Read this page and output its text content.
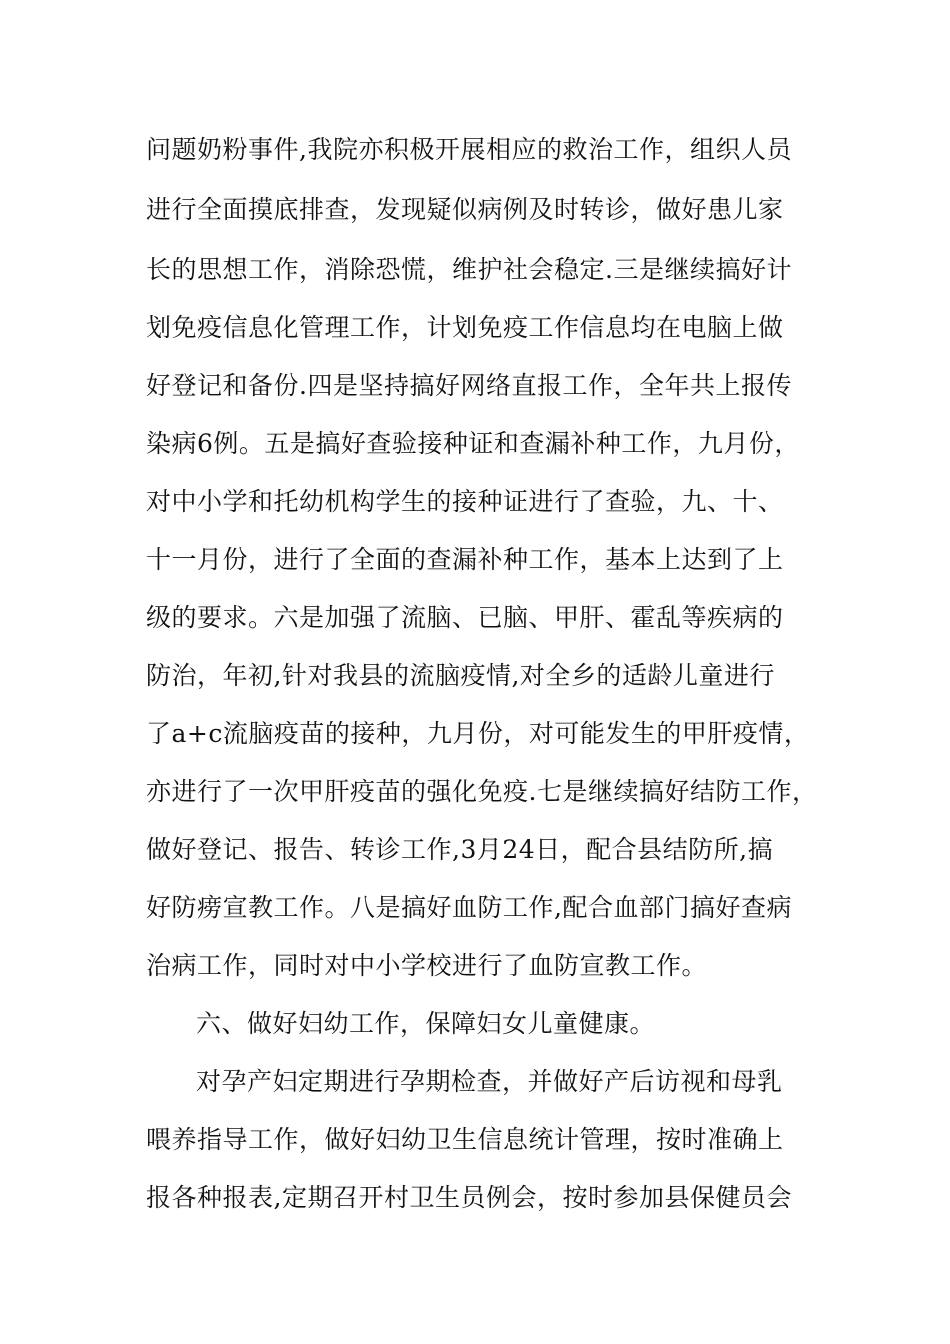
问题奶粉事件,我院亦积极开展相应的救治工作，组织人员
进行全面摸底排查，发现疑似病例及时转诊，做好患儿家
长的思想工作，消除恐慌，维护社会稳定.三是继续搞好计
划免疫信息化管理工作，计划免疫工作信息均在电脑上做
好登记和备份.四是坚持搞好网络直报工作，全年共上报传
染病6例。五是搞好查验接种证和查漏补种工作，九月份，
对中小学和托幼机构学生的接种证进行了查验，九、十、
十一月份，进行了全面的查漏补种工作，基本上达到了上
级的要求。六是加强了流脑、已脑、甲肝、霍乱等疾病的
防治，年初,针对我县的流脑疫情,对全乡的适龄儿童进行
了a+c流脑疫苗的接种，九月份，对可能发生的甲肝疫情，
亦进行了一次甲肝疫苗的强化免疫.七是继续搞好结防工作，
做好登记、报告、转诊工作,3月24日，配合县结防所,搞
好防痨宣教工作。八是搞好血防工作,配合血部门搞好查病
治病工作，同时对中小学校进行了血防宣教工作。
六、做好妇幼工作，保障妇女儿童健康。
对孕产妇定期进行孕期检查，并做好产后访视和母乳
喂养指导工作，做好妇幼卫生信息统计管理，按时准确上
报各种报表,定期召开村卫生员例会，按时参加县保健员会
